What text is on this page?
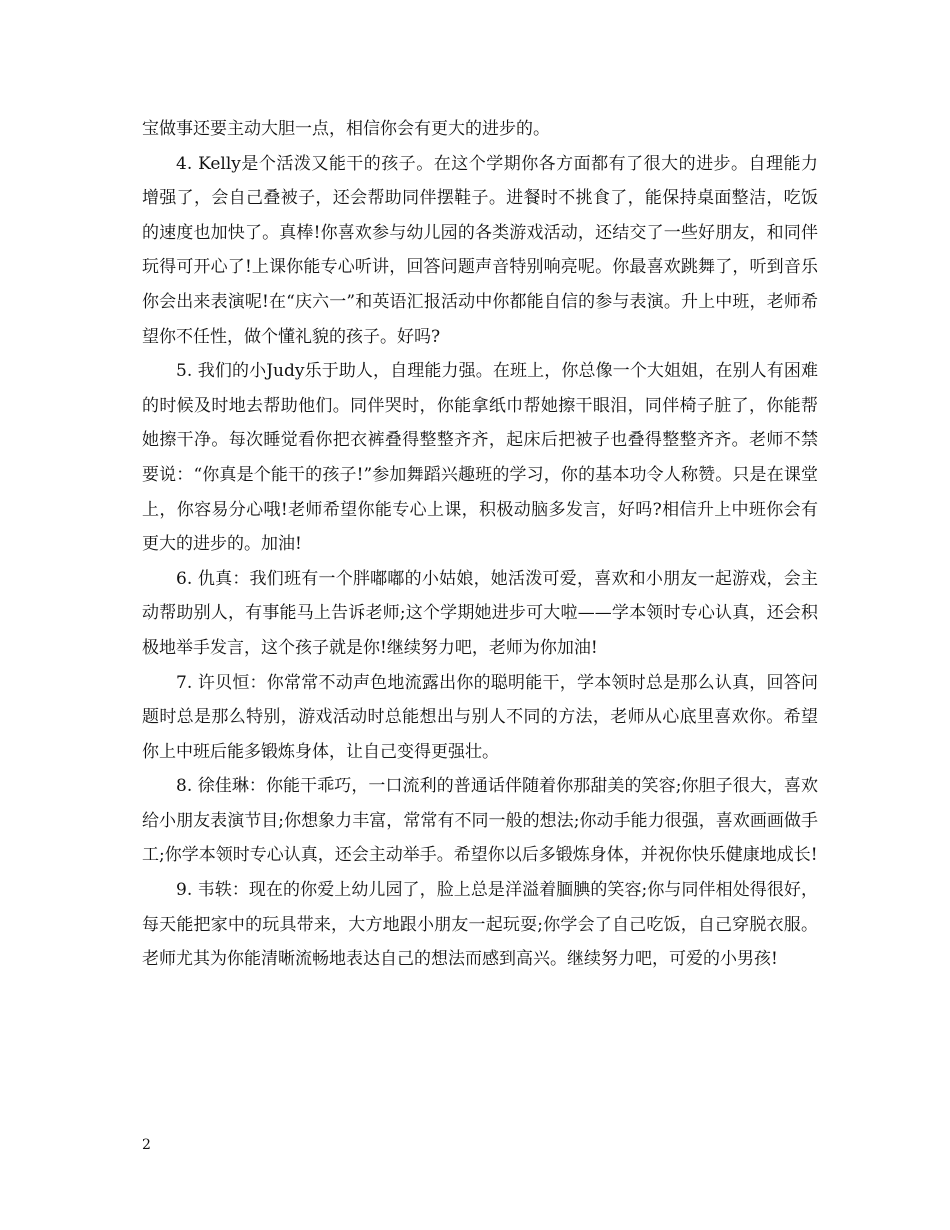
宝做事还要主动大胆一点，相信你会有更大的进步的。

4. Kelly是个活泼又能干的孩子。在这个学期你各方面都有了很大的进步。自理能力增强了，会自己叠被子，还会帮助同伴摆鞋子。进餐时不挑食了，能保持桌面整洁，吃饭的速度也加快了。真棒!你喜欢参与幼儿园的各类游戏活动，还结交了一些好朋友，和同伴玩得可开心了!上课你能专心听讲，回答问题声音特别响亮呢。你最喜欢跳舞了，听到音乐你会出来表演呢!在“庆六一”和英语汇报活动中你都能自信的参与表演。升上中班，老师希望你不任性，做个懂礼貌的孩子。好吗?

5. 我们的小Judy乐于助人，自理能力强。在班上，你总像一个大姐姐，在别人有困难的时候及时地去帮助他们。同伴哭时，你能拿纸巾帮她擦干眼泪，同伴椅子脏了，你能帮她擦干净。每次睡觉看你把衣裤叠得整整齐齐，起床后把被子也叠得整整齐齐。老师不禁要说：“你真是个能干的孩子!”参加舞蹈兴趣班的学习，你的基本功令人称赞。只是在课堂上，你容易分心哦!老师希望你能专心上课，积极动脑多发言，好吗?相信升上中班你会有更大的进步的。加油!

6. 仇真：我们班有一个胖嘟嘟的小姑娘，她活泼可爱，喜欢和小朋友一起游戏，会主动帮助别人，有事能马上告诉老师;这个学期她进步可大啦——学本领时专心认真，还会积极地举手发言，这个孩子就是你!继续努力吧，老师为你加油!

7. 许贝恒：你常常不动声色地流露出你的聪明能干，学本领时总是那么认真，回答问题时总是那么特别，游戏活动时总能想出与别人不同的方法，老师从心底里喜欢你。希望你上中班后能多锻炼身体，让自己变得更强壮。

8. 徐佳琳：你能干乖巧，一口流利的普通话伴随着你那甜美的笑容;你胆子很大，喜欢给小朋友表演节目;你想象力丰富，常常有不同一般的想法;你动手能力很强，喜欢画画做手工;你学本领时专心认真，还会主动举手。希望你以后多锻炼身体，并祝你快乐健康地成长!

9. 韦轶：现在的你爱上幼儿园了，脸上总是洋溢着腼腆的笑容;你与同伴相处得很好，每天能把家中的玩具带来，大方地跟小朋友一起玩耍;你学会了自己吃饭，自己穿脱衣服。老师尤其为你能清晰流畅地表达自己的想法而感到高兴。继续努力吧，可爱的小男孩!

2
